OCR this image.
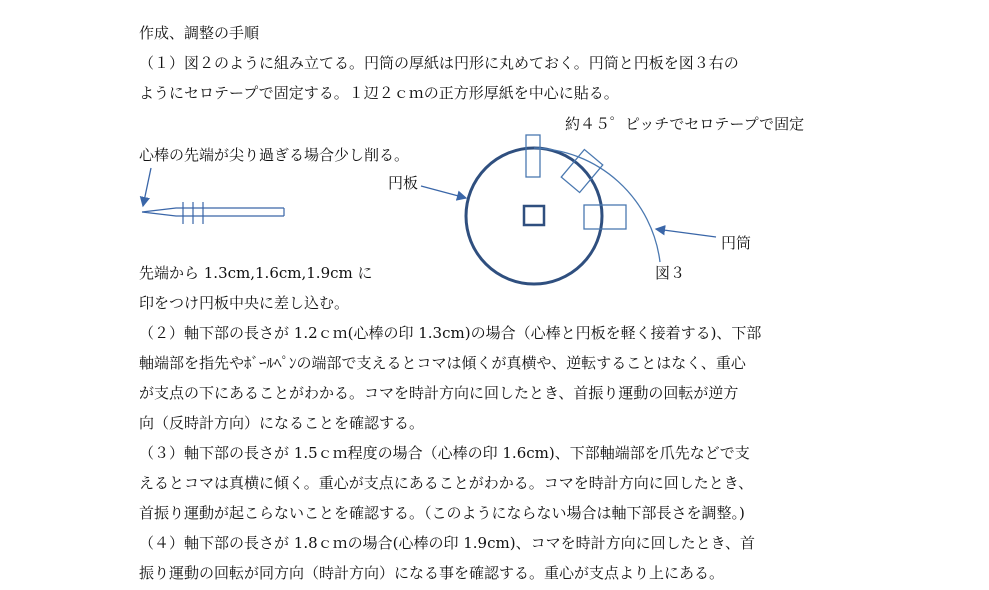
作成、調整の手順

（１）図２のように組み立てる。円筒の厚紙は円形に丸めておく。円筒と円板を図３右の

ようにセロテープで固定する。１辺２ｃｍの正方形厚紙を中心に貼る。

約４５゜ピッチでセロテープで固定

心棒の先端が尖り過ぎる場合少し削る。

円板

円筒

先端から 1.3cm,1.6cm,1.9cm に	図３

印をつけ円板中央に差し込む。

（２）軸下部の長さが 1.2ｃｍ(心棒の印 1.3cm)の場合（心棒と円板を軽く接着する)、下部

軸端部を指先やﾎﾞｰﾙﾍﾟﾝの端部で支えるとコマは傾くが真横や、逆転することはなく、重心

が支点の下にあることがわかる。コマを時計方向に回したとき、首振り運動の回転が逆方

向（反時計方向）になることを確認する。

（３）軸下部の長さが 1.5ｃｍ程度の場合（心棒の印 1.6cm)、下部軸端部を爪先などで支

えるとコマは真横に傾く。重心が支点にあることがわかる。コマを時計方向に回したとき、

首振り運動が起こらないことを確認する。（このようにならない場合は軸下部長さを調整。)

（４）軸下部の長さが 1.8ｃｍの場合(心棒の印 1.9cm)、コマを時計方向に回したとき、首

振り運動の回転が同方向（時計方向）になる事を確認する。重心が支点より上にある。
